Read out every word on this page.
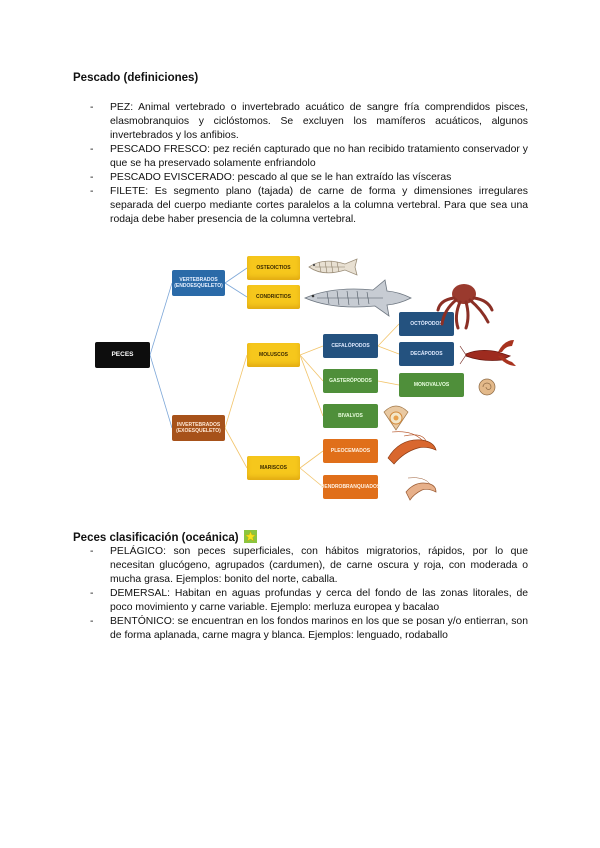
Pescado (definiciones)
- PEZ: Animal vertebrado o invertebrado acuático de sangre fría comprendidos pisces, elasmobranquios y ciclóstomos. Se excluyen los mamíferos acuáticos, algunos invertebrados y los anfibios.
- PESCADO FRESCO: pez recién capturado que no han recibido tratamiento conservador y que se ha preservado solamente enfriandolo
- PESCADO EVISCERADO: pescado al que se le han extraído las vísceras
- FILETE: Es segmento plano (tajada) de carne de forma y dimensiones irregulares separada del cuerpo mediante cortes paralelos a la columna vertebral. Para que sea una rodaja debe haber presencia de la columna vertebral.
PECES
VERTEBRADOS (ENDOESQUELETO)
INVERTEBRADOS (EXOESQUELETO)
OSTEOICTIOS
CONDRICTIOS
MOLUSCOS
MARISCOS
CEFALÓPODOS
GASTERÓPODOS
BIVALVOS
PLEOCEMADOS
DENDROBRANQUIADOS
OCTÓPODOS
DECÁPODOS
MONOVALVOS
Peces clasificación (oceánica)
- PELÁGICO: son peces superficiales, con hábitos migratorios, rápidos, por lo que necesitan glucógeno, agrupados (cardumen), de carne oscura y roja, con moderada o mucha grasa. Ejemplos: bonito del norte, caballa.
- DEMERSAL: Habitan en aguas profundas y cerca del fondo de las zonas litorales, de poco movimiento y carne variable. Ejemplo: merluza europea y bacalao
- BENTÓNICO: se encuentran en los fondos marinos en los que se posan y/o entierran, son de forma aplanada, carne magra y blanca. Ejemplos: lenguado, rodaballo
